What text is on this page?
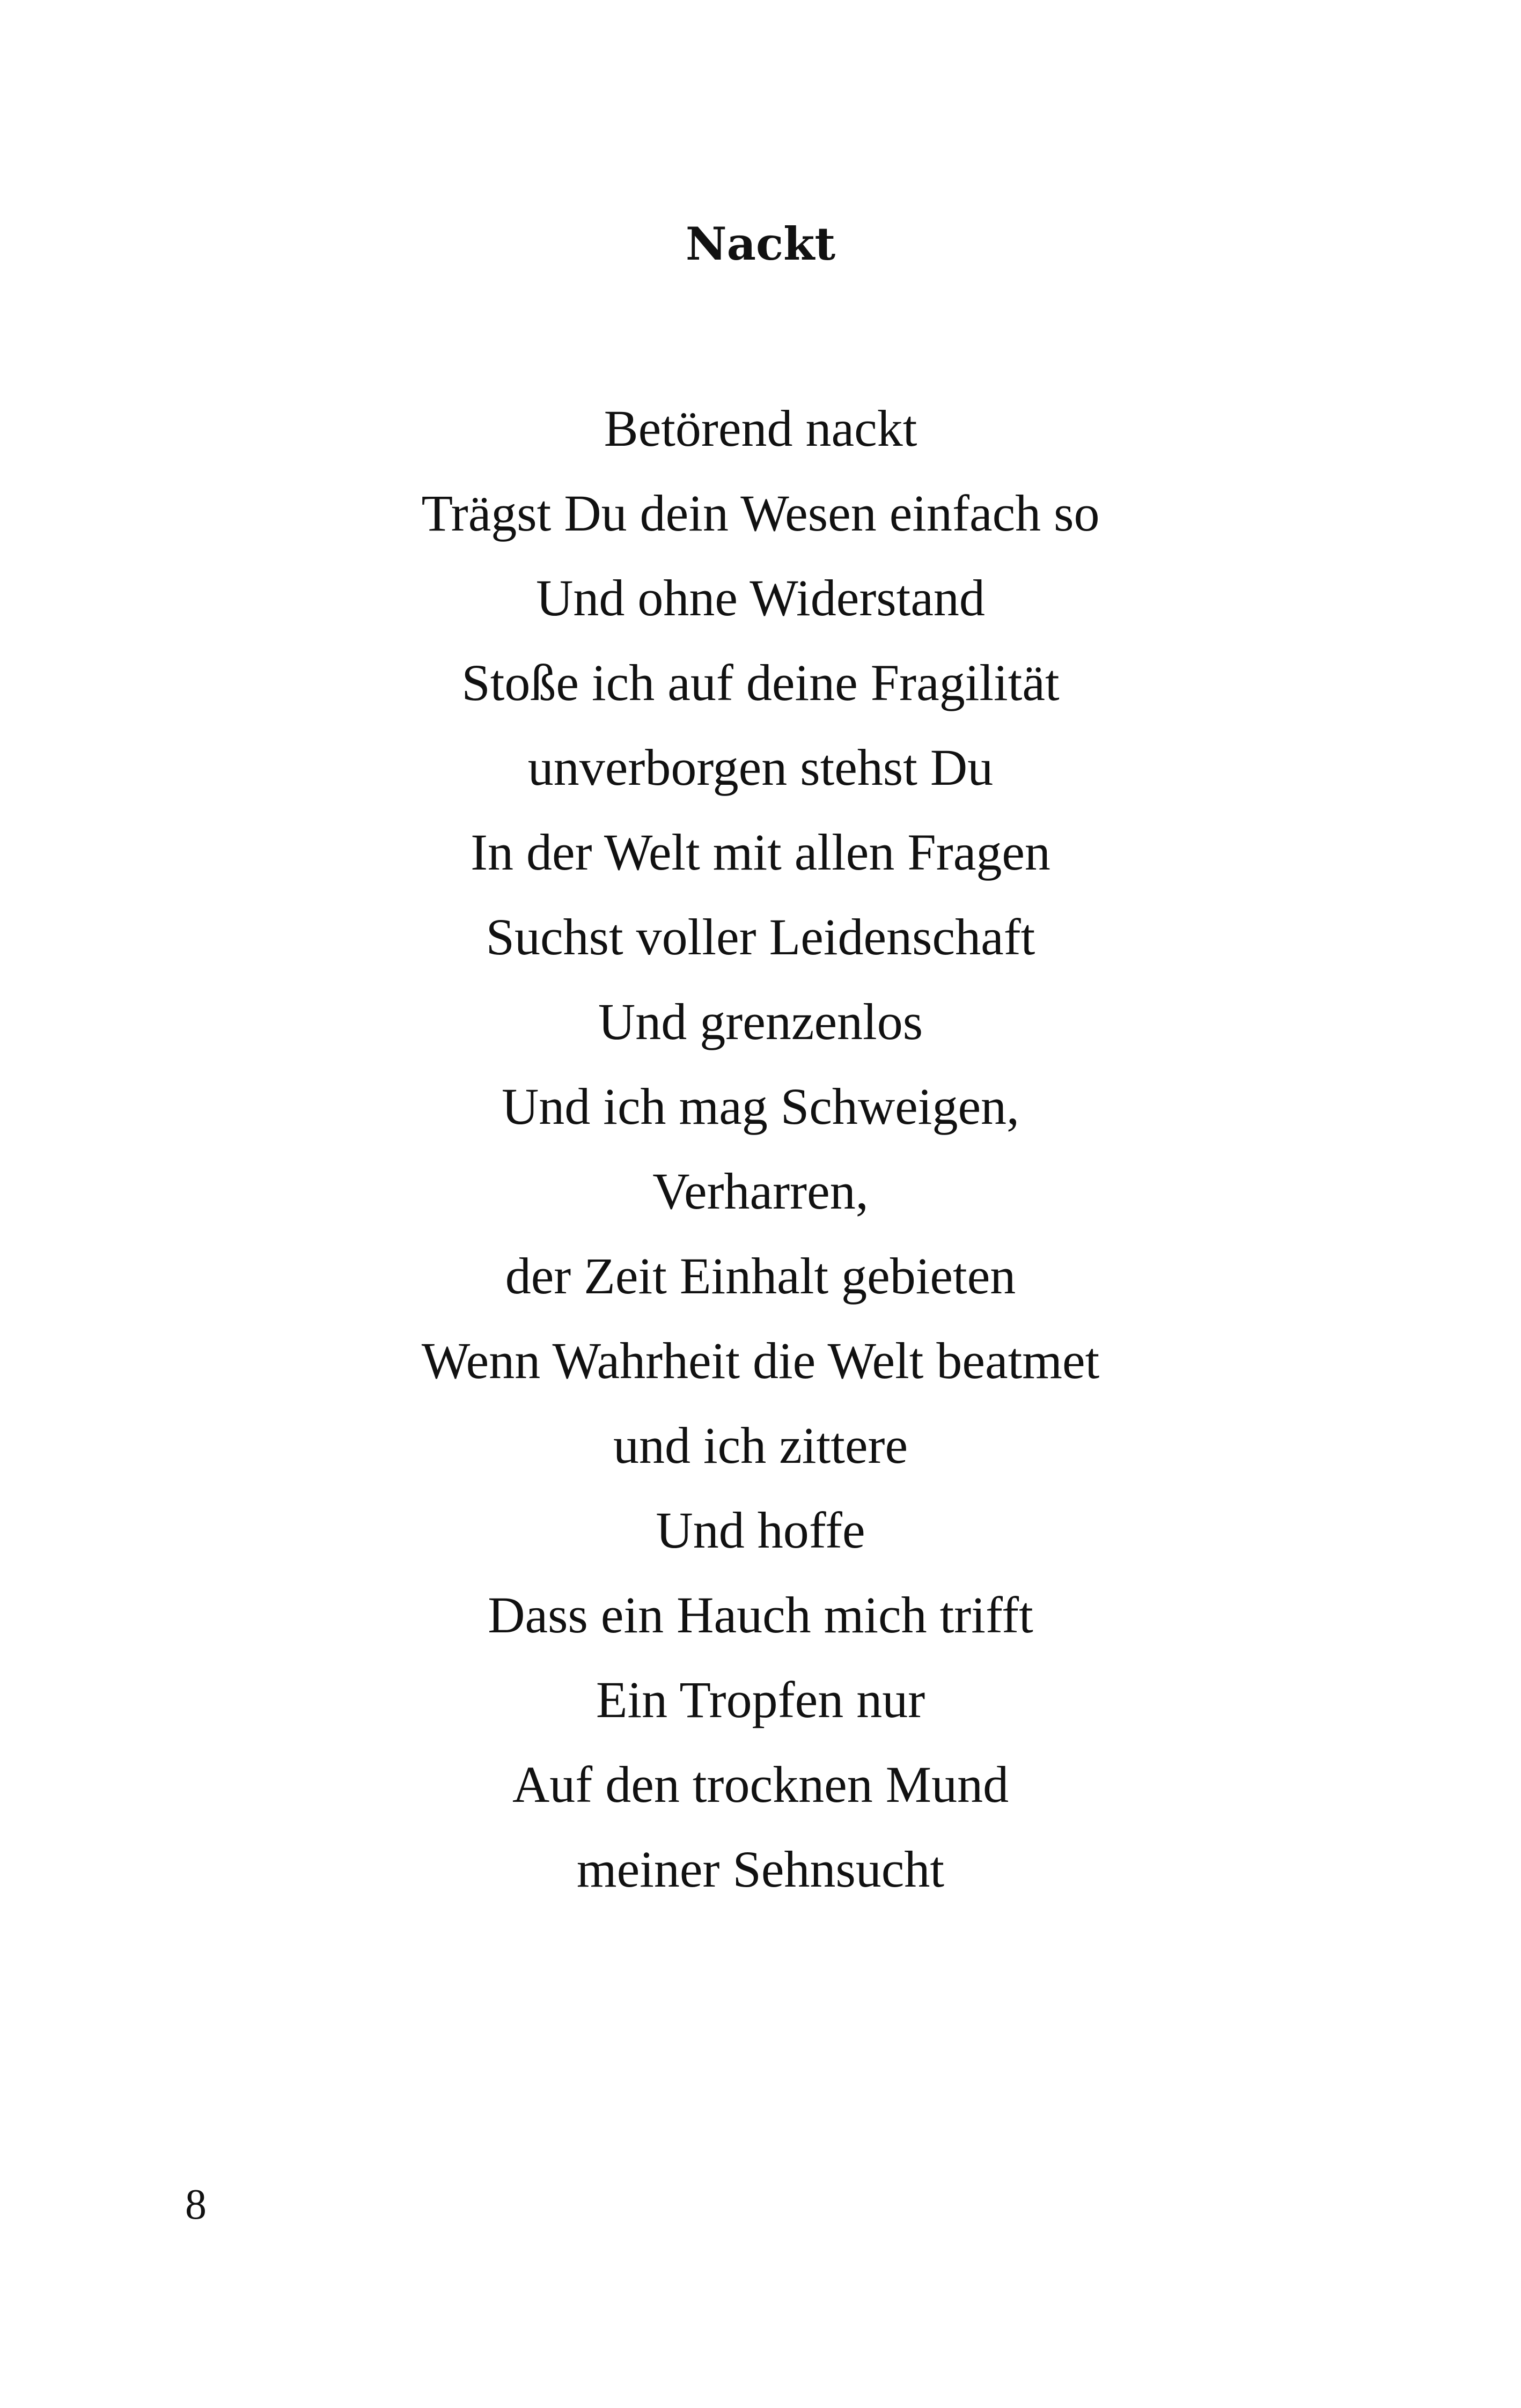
Nackt
Betörend nackt
Trägst Du dein Wesen einfach so
Und ohne Widerstand
Stoße ich auf deine Fragilität
unverborgen stehst Du
In der Welt mit allen Fragen
Suchst voller Leidenschaft
Und grenzenlos
Und ich mag Schweigen,
Verharren,
der Zeit Einhalt gebieten
Wenn Wahrheit die Welt beatmet
und ich zittere
Und hoffe
Dass ein Hauch mich trifft
Ein Tropfen nur
Auf den trocknen Mund
meiner Sehnsucht
8
